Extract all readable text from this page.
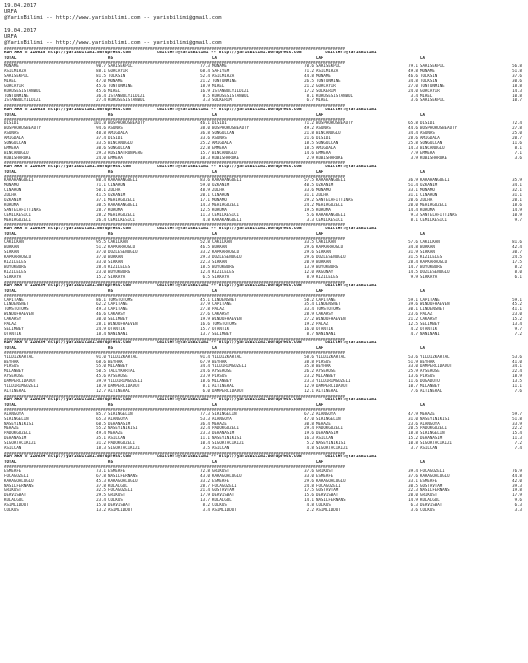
19.04.2017
URFA
@YarisBilimi -- http://www.yarisbilimi.com -- yarisbilimi@gmail.com
19.04.2017
URFA
@YarisBilimi -- http://www.yarisbilimi.com -- yarisbilimi@gmail.com
##########################################################################################################################################
KUM ARA = 110625 http://yarisbilimi.wordpress.com          twitter:@YarisBilimi -- http://yarisbilimi.wordpress.com         twitter:@YarisBilimi
TOTAL	KG	LA	LAF	LA
##########################################################################################################################################
MONAME	90.7 SARISEKPIL	77.3 MONAME	70.6 SARISEKPIL	79.1 SARISEKPIL	56.8
ASILMIRZA	88.1 GORCAYIR	68.4 SAFIYEM	71.2 ASILMIRZA	49.8 MONAME	51.8
SARISEKPIL	81.5 TOLKSIN	52.4 ASILMIRZA	44.8 MONAME	46.6 TOLKSIN	37.6
MIREL	47.0 MONAME	21.2 TONTONMINE	26.5 TONTONMINE	34.8 TOLKSIN	30.6
GORCAYIR	45.6 TONTONMINE	18.9 MIREL	21.2 GORCAYIR	27.0 TONTONMINE	18.8
KURUSESISTANBUL	45.6 MIREL	16.9 ISTANBULYILDIZI	17.2 SOLKERIM	24.0 GORCAYIR	14.3
TONTONMINE	36.4 ISTANBULYILDIZI	8.5 KURUSESISTANBUL	8.1 KURUSESISTANBUL	3.4 MIREL	10.8
ISTANBULYILDIZI	27.4 KURUSESISTANBUL	3.3 SOLKERIM	6.7 MIREL	3.6 SARISEKPIL	10.7
##########################################################################################################################################
KUM ARA = 110625 http://yarisbilimi.wordpress.com          twitter:@YarisBilimi -- http://yarisbilimi.wordpress.com         twitter:@YarisBilimi
TOTAL	KG	LA	LAF	LA
##########################################################################################################################################
DISIDI	101.8 BOSPHORUSBEAUTY	46.1 DISIDI	71.2 BOSPHORUSBEAUTY	65.8 DISIDI	72.4
BOSPHORUSBEAUTY	94.6 ASUNAS	38.0 BOSPHORUSBEAUTY	49.2 ASUNAS	44.6 BOSPHORUSBEAUTY	27.8
ASUNAS	40.8 AMIGDALA	36.8 SONGULCAN	21.8 BINCANOGLU	34.4 ASUNAS	25.0
AMIGDALA	37.4 DISIDI	33.6 ASUNAS	21.6 DISIDI	28.6 AMIGDALA	20.7
SONGULCAN	33.5 BINCANOGLU	25.2 AMIGDALA	18.5 SONGULCAN	25.8 SONGULCAN	11.6
EMMERA	30.6 SONGULCAN	22.8 EMMERA	18.5 AMIGDALA	14.3 BINCANOGLU	8.1
BINCANOGLU	29.3 ROSINATRONPERG	15.7 BINCANOGLU	14.6 EMMERA	7.9 EMMERA	7.1
KUBISHAROKE	24.0 EMMERA	10.3 KUBISHAROKE	2.9 KUBISHAROKE	3.9 KUBISHAROKE	3.6
##########################################################################################################################################
KUM ARA = 110634 http://yarisbilimi.wordpress.com          twitter:@YarisBilimi -- http://yarisbilimi.wordpress.com         twitter:@YarisBilimi
TOTAL	KG	LA	LAF	LA
##########################################################################################################################################
KARAHANGUELI	80.4 KARAHANGUELI	83.6 KARAHANGUELI	57.5 KARAHANGUELI	36.9 KARAHANGUELI	35.9
MONAMO	71.1 CINARON	59.0 OZKANIM	40.5 OZKANIM	51.4 OZKANIM	34.1
CINARON	50.1 ZULHA	48.9 ZULHA	33.6 MONAMO	33.1 MONAMO	32.1
ZULHA	41.5 OZKANIM	20.1 CINARON	31.1 ZULHA	31.1 CINARON	31.1
OZKANIM	37.1 MEHIRGUZELI	17.1 MONAMO	29.2 SANTELAFITTINAS	20.6 ZULHA	20.1
KORUMA	30.5 KARAKANGUELI	14.3 MEHIRGUZELI	24.2 MEHIRGUZELI	20.0 MEHIRGUZELI	18.6
SANTELAFITTINAS	28.7 KORUMA	12.5 KORUMA	19.5 KORUMA	14.4 KORUMA	14.9
CEMILKESICI	28.2 MEHIRGUZELI	11.3 CEMILKESICI	5.6 KARAKANGUELI	9.3 SANTELAFITTINAS	10.9
MEHIRGUZELI	26.4 CEMILKESICI	4.8 KARAKANGUELI	3.3 CEMILKESICI	8.1 CEMILKESICI	9.7
##########################################################################################################################################
KUM ARA = 110634 http://yarisbilimi.wordpress.com          twitter:@YarisBilimi -- http://yarisbilimi.wordpress.com         twitter:@YarisBilimi
TOTAL	KG	LA	LAF	LA
##########################################################################################################################################
CAKILKAN	95.5 CAKILKAN	52.8 CAKILKAN	33.5 CAKILKAN	57.6 CAKILKAN	81.6
BURKAN	51.2 KAPKARAOGLU	46.5 BURKAN	29.6 KAPKARAOGLU	34.8 BURKAN	42.4
SIRKAN	37.0 DUZLESENOGLU	33.2 KAPKARAOGLU	29.6 SIRKAN	31.9 SIRKAN	30.7
KAPKARAOGLU	37.0 BURKAN	29.3 DUZLESENOGLU	29.6 DUZLESENOGLU	31.5 KIZILELES	24.5
KIZILELES	33.0 SIRKAN	22.3 SIRKAN	20.9 BURKAN	28.4 KAPKARAOGLU	17.5
BUYUKBURG	28.4 KIZILELES	18.5 BUYUKBURG	13.9 BUYUKBURG	14.7 BUYUKBURG	8.2
KIZILELES	23.0 BUYUKBURG	12.4 KIZILELES	12.0 AKGUNAY	14.5 DUZLESENOGLU	8.0
SIRKAYA	15.2 SIRKAYA	6.5 SIRKAYA	8.9 KIZILELES	9.9 SIRKAYA	6.1
##########################################################################################################################################
KUM ARA = 110634 http://yarisbilimi.wordpress.com          twitter:@YarisBilimi -- http://yarisbilimi.wordpress.com         twitter:@YarisBilimi
TOTAL	KG	LA	LAF	LA
##########################################################################################################################################
CAPITANE	86.1 TOMSTOTOMS	45.1 LINDENSNET	58.2 CAPITANE	59.1 CAPITANE	59.1
LINDENSNET	62.2 CAPITANE	37.9 CAPITANE	35.4 LINDENSNET	39.6 WINDOFHAEVEN	45.2
TOMSTOTOMS	49.3 CAPITANE	27.8 PALAZ	33.4 TOMSTOTOMS	30.1 LINDENSNET	41.1
WINDOFHAEVEN	46.6 CAKARSY	27.6 CAKARSY	28.9 CAKARSY	23.6 PALAZ	23.0
CAKARSY	30.0 SELIMBEY	19.9 WINDOFHAEVEN	27.2 WINDOFHAEVEN	21.2 CAKARSY	15.2
PALAZ	28.1 WINDOFHAEVEN	16.6 TOMSTOTOMS	19.2 PALAZ	12.5 SELIMBEY	13.4
SELIMBEY	24.9 OTANTIK	15.7 OTANTIK	16.0 OTANTIK	4.2 OTANTIK	9.7
OTANTIK	18.4 NANINANI	13.7 SELIMBEY	8.7 NANINANI	4.7 NANINANI	7.2
##########################################################################################################################################
KUM ARA = 110634 http://yarisbilimi.wordpress.com          twitter:@YarisBilimi -- http://yarisbilimi.wordpress.com         twitter:@YarisBilimi
TOTAL	KG	LA	LAF	LA
##########################################################################################################################################
YILDIZKARTAL	91.0 YILDIZKARTAL	91.4 YILDIZKARTAL	58.6 YILDIZKARTAL	53.6 YILDIZKARTAL	53.6
BEYHAK	68.6 BEYHAK	67.9 BEYHAK	38.8 PIRSUS	51.9 BEYHAK	41.0
PIRSUS	55.0 MILANBEY	34.4 YILDIRIMGUZELI	35.8 BEYHAK	33.0 DAMPERCIDAVUT	34.1
MILANBEY	50.5 TALLYKARTAL	24.6 AYSEROSE	26.2 AYSEROSE	25.9 AYSEROSE	22.4
AYSEROSE	45.6 AYSEROSE	23.9 PIRSUS	23.2 MILANBEY	13.6 PIRSUS	18.9
DAMPERCIDAVUT	39.9 YILDIRIMGUZELI	18.6 MILANBEY	23.3 YILDIRIMGUZELI	11.6 DOGADUTU	13.5
YILDIRIMGUZELI	18.9 DAMPERCIDAVUT	8.1 ALTINERAL	12.9 DAMPERCIDAVUT	10.7 MILANBEY	11.1
ALTINERAL	12.7 ALTINERAL	6.0 DAMPERCIDAVUT	12.1 ALTINERAL	7.6 ALTINERAL	7.6
##########################################################################################################################################
KUM ARA = 110634 http://yarisbilimi.wordpress.com          twitter:@YarisBilimi -- http://yarisbilimi.wordpress.com         twitter:@YarisBilimi
TOTAL	KG	LA	LAF	LA
##########################################################################################################################################
ALANGOYA	85.7 SIRINGELIN	77.3 SIRINGELIN	67.2 ALANGOYA	47.9 MEHAZE	59.7
SIRINGELIN	65.3 ALANGOYA	53.3 ALANGOYA	47.0 SIRINGELIN	31.0 NASEYINIKISI	51.8
NASEYINIKISI	60.5 DEHANASIM	36.4 MEHAZE	30.8 MEHAZE	23.6 ALANGOYA	33.9
MEHAZE	55.2 NASEYINIKISI	32.4 PADOKGUZELI	29.4 PADOKGUZELI	20.5 PADOKGUZELI	22.2
PADOKGUZELI	49.4 MEHAZE	23.3 DEHANASIM	19.6 DEHANASIM	18.8 SIRINGELIN	15.4
DEHANASIM	35.1 ASILCAN	11.1 NASEYINIKISI	16.3 ASILCAN	15.2 DEHANASIM	11.3
SIGORTACIKIZI	31.2 PADOKGUZELI	10.4 SIGORTACIKIZI	5.2 NASEYINIKISI	10.8 SIGORTACIKIZI	7.2
ASILCAN	18.3 SIGORTACIKIZI	3.5 ASILCAN	4.8 SIGORTACIKIZI	3.7 ASILCAN	7.4
##########################################################################################################################################
KUM ARA = 110634 http://yarisbilimi.wordpress.com          twitter:@YarisBilimi -- http://yarisbilimi.wordpress.com         twitter:@YarisBilimi
TOTAL	KG	LA	LAF	LA
##########################################################################################################################################
ESMERFE	73.1 ESMERFE	72.8 GRIKUST	37.6 GRIKUST	39.4 FOCAGUZELI	76.9
FOCAGUZELI	67.8 NASILFERNANS	43.0 KARAGOALOGLU	33.0 ESMERFE	37.6 KARAGOALOGLU	44.8
KARAGOALOGLU	45.3 KARAGOALOGLU	33.2 ESMERFE	29.6 KARAGOALOGLU	33.1 ESMERFE	42.0
NASILFERNANS	37.8 KULALGUL	28.7 FOCAGUZELI	24.8 FOCAGUZELI	30.5 GOSTAVTAM	39.3
GRIKUST	32.5 FOCAGUZELI	21.4 GOSTAVTAM	17.5 GOSTAVTAM	22.3 NASILFERNANS	19.8
DERVISBAT	29.5 GRIKUST	17.9 DERVISBAT	15.6 DERVISBAT	20.0 GRIKUST	17.9
KULALGUL	23.4 COLKUS	13.7 KULALGUL	14.1 NASILFERNANS	14.9 KULALGUL	9.6
ASIMLIDDUT	15.0 DERVISBAT	8.2 COLKUS	4.8 COLKUS	6.3 DERVISBAT	6.3
COLKUS	13.2 ASIMLIDDUT	3.4 ASIMLIDDUT	2.2 ASIMLIDDUT	3.6 COLKUS	3.3
